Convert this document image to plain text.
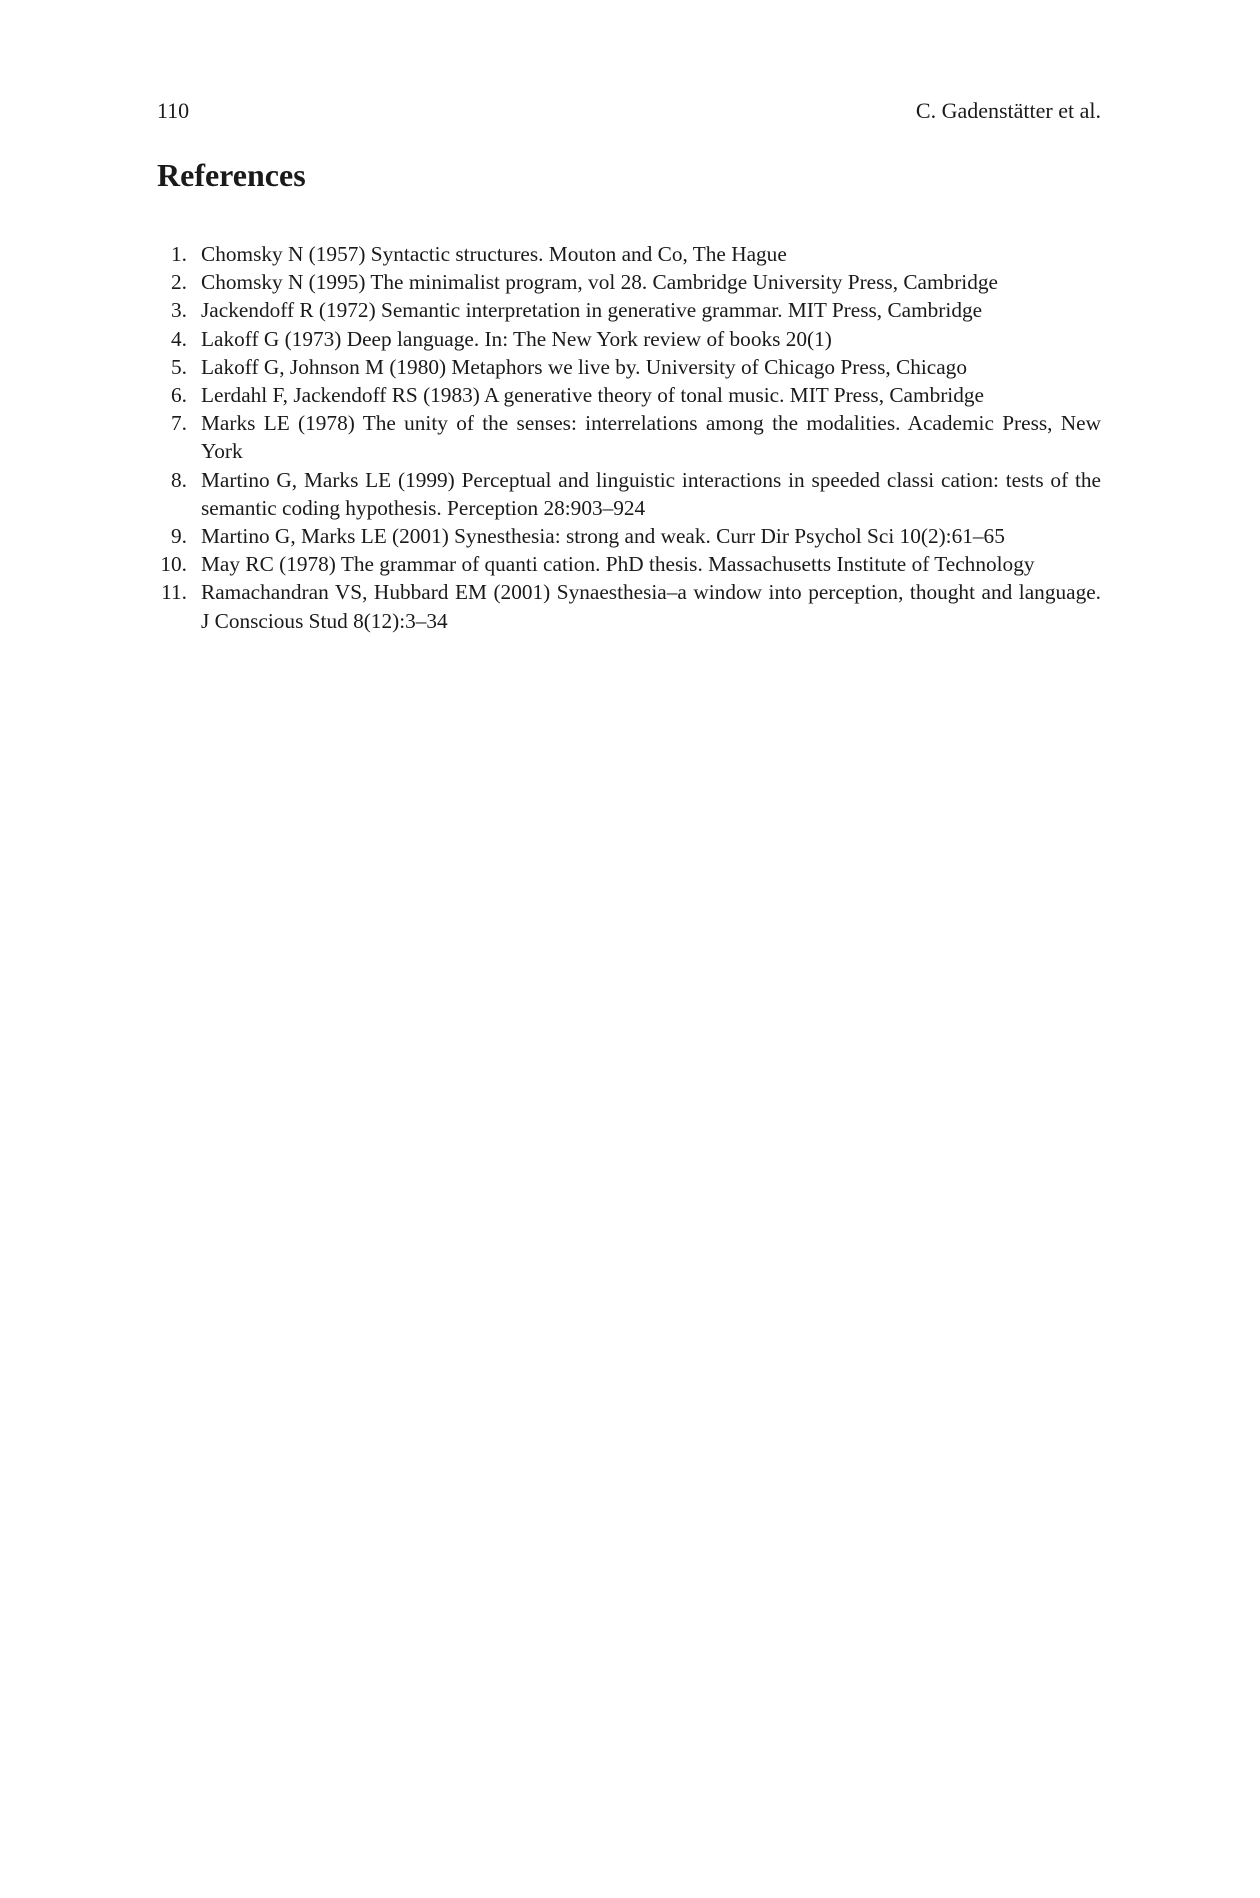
110	C. Gadenstätter et al.
References
1. Chomsky N (1957) Syntactic structures. Mouton and Co, The Hague
2. Chomsky N (1995) The minimalist program, vol 28. Cambridge University Press, Cambridge
3. Jackendoff R (1972) Semantic interpretation in generative grammar. MIT Press, Cambridge
4. Lakoff G (1973) Deep language. In: The New York review of books 20(1)
5. Lakoff G, Johnson M (1980) Metaphors we live by. University of Chicago Press, Chicago
6. Lerdahl F, Jackendoff RS (1983) A generative theory of tonal music. MIT Press, Cambridge
7. Marks LE (1978) The unity of the senses: interrelations among the modalities. Academic Press, New York
8. Martino G, Marks LE (1999) Perceptual and linguistic interactions in speeded classi cation: tests of the semantic coding hypothesis. Perception 28:903–924
9. Martino G, Marks LE (2001) Synesthesia: strong and weak. Curr Dir Psychol Sci 10(2):61–65
10. May RC (1978) The grammar of quanti cation. PhD thesis. Massachusetts Institute of Technology
11. Ramachandran VS, Hubbard EM (2001) Synaesthesia–a window into perception, thought and language. J Conscious Stud 8(12):3–34
